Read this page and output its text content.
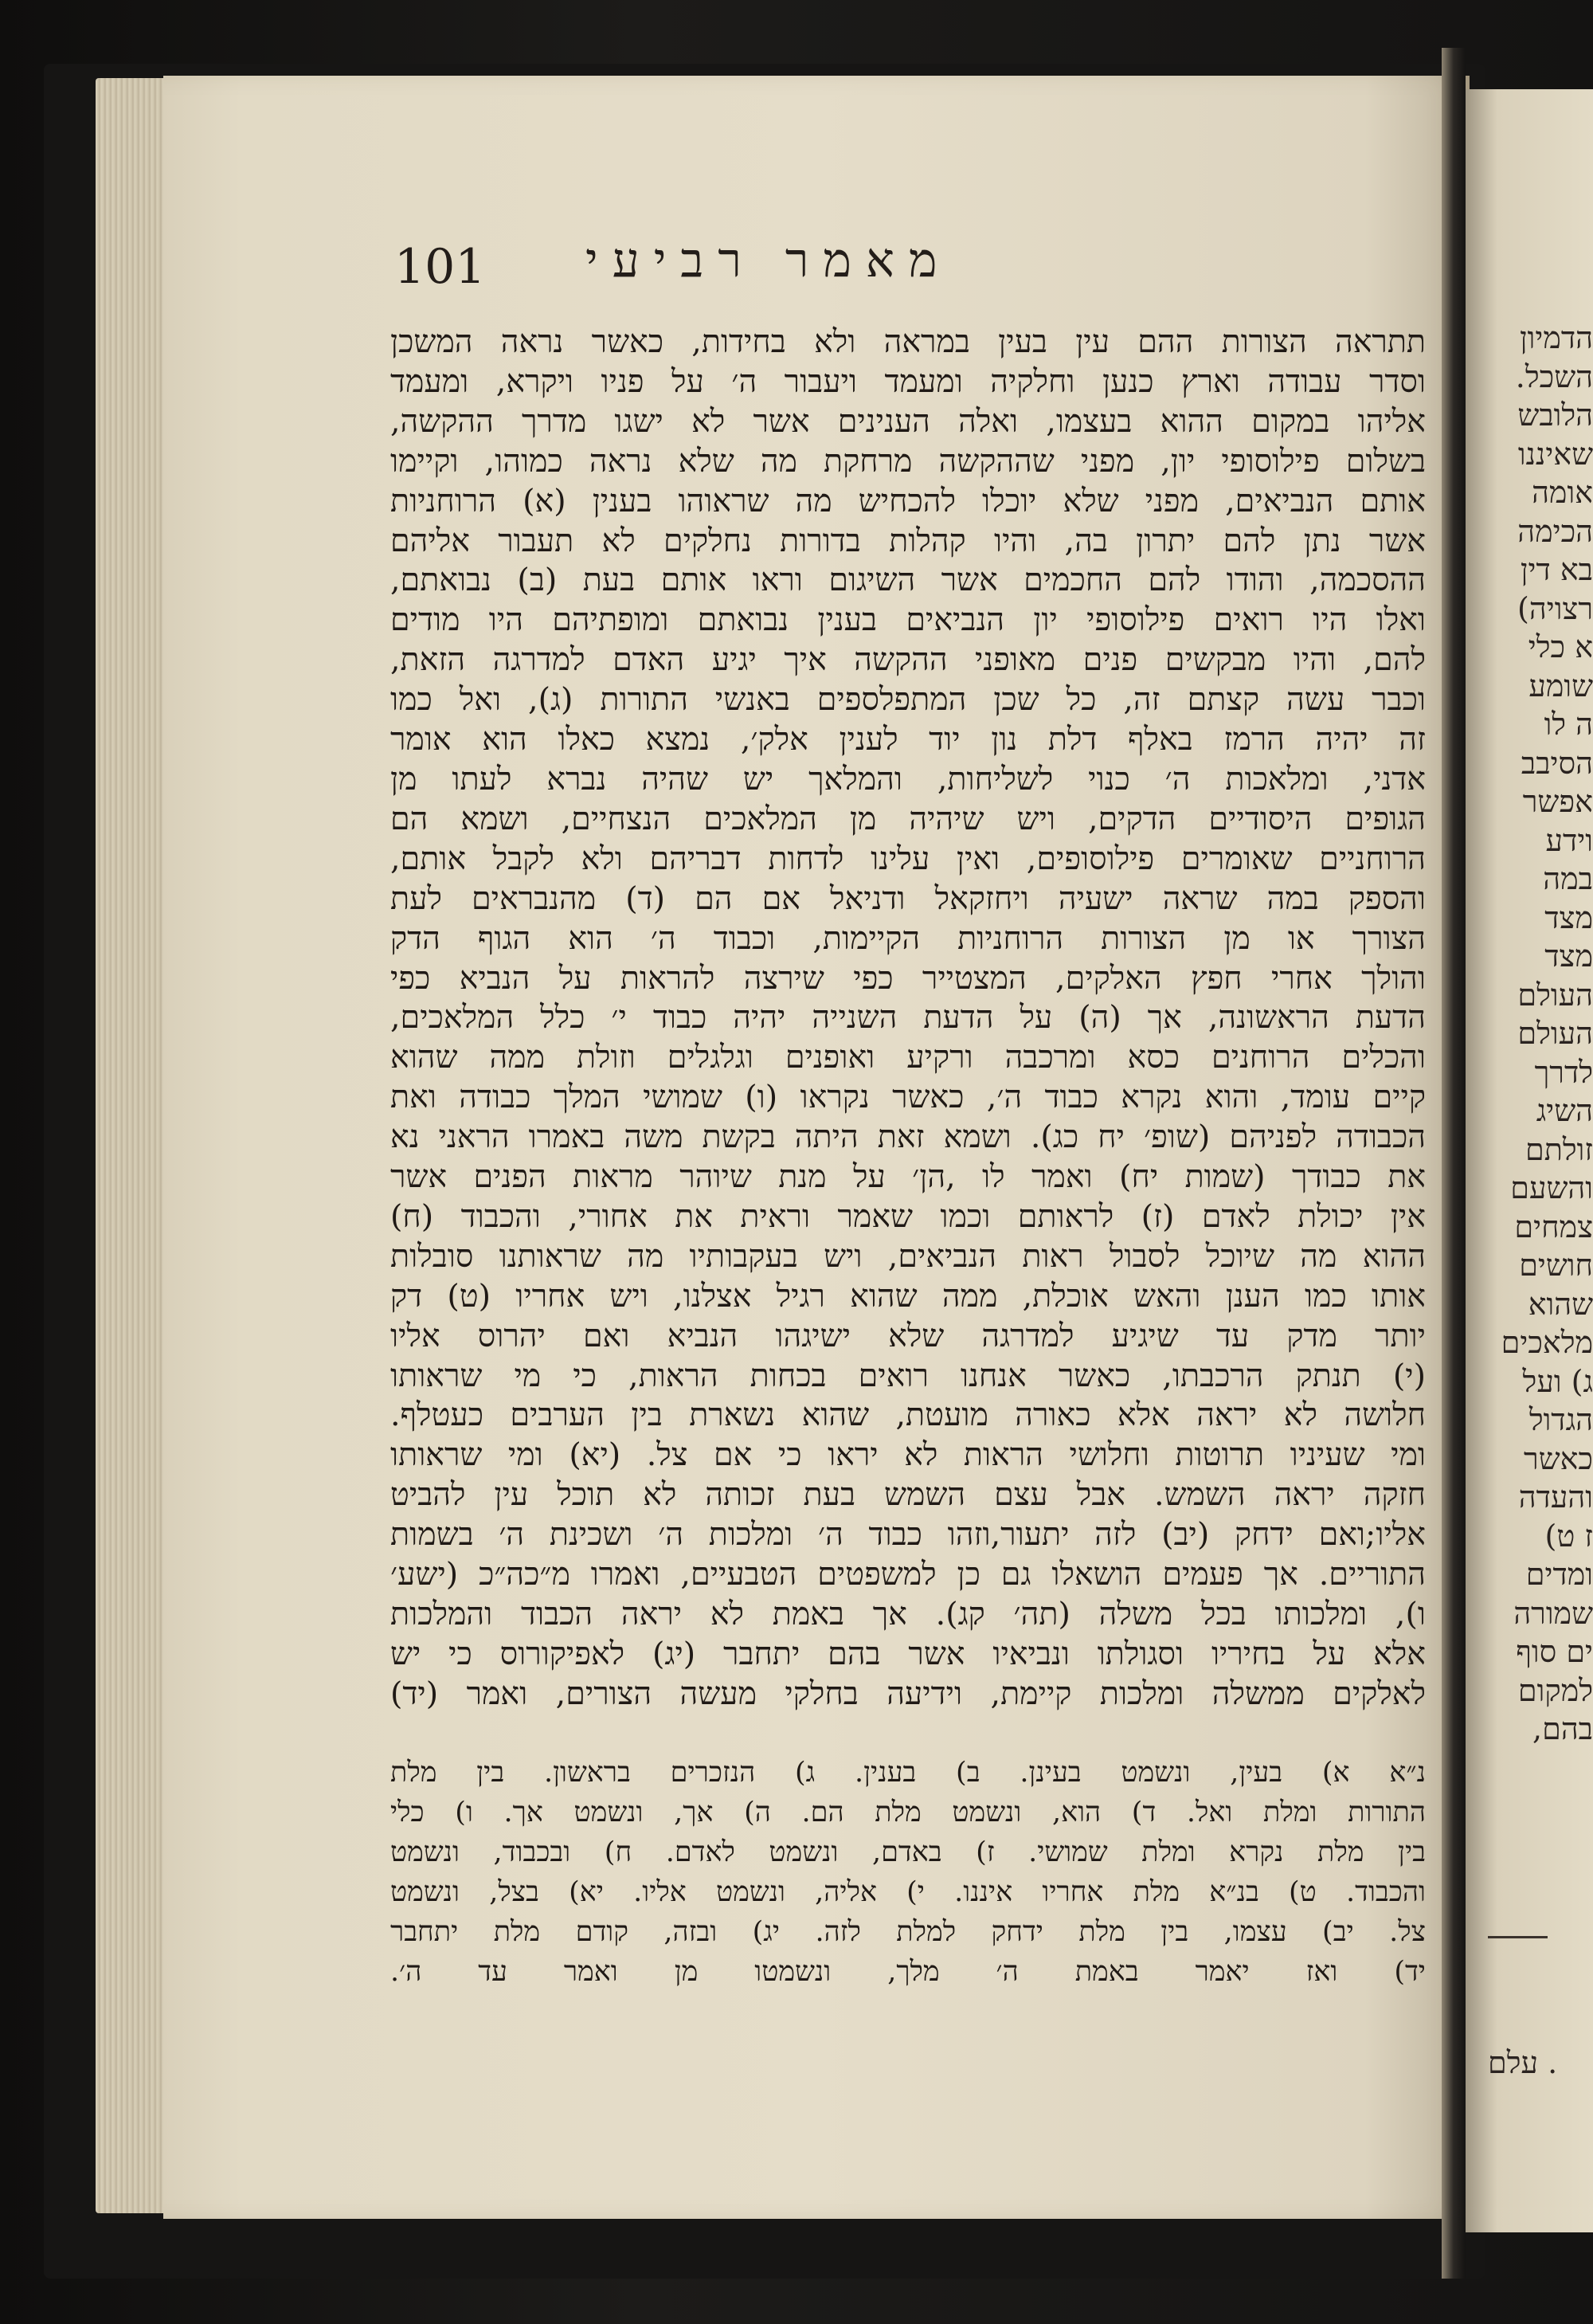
101 מאמר רביעי
תתראה הצורות ההם עין בעין במראה ולא בחידות, כאשר נראה המשכן
וסדר עבודה וארץ כנען וחלקיה ומעמד ויעבור ה׳ על פניו ויקרא, ומעמד
אליהו במקום ההוא בעצמו, ואלה הענינים אשר לא ישגו מדרך ההקשה,
בשלום פילוסופי יון, מפני שההקשה מרחקת מה שלא נראה כמוהו, וקיימו
אותם הנביאים, מפני שלא יוכלו להכחיש מה שראוהו בענין (א) הרוחניות
אשר נתן להם יתרון בה, והיו קהלות בדורות נחלקים לא תעבור אליהם
ההסכמה, והודו להם החכמים אשר השיגום וראו אותם בעת (ב) נבואתם,
ואלו היו רואים פילוסופי יון הנביאים בענין נבואתם ומופתיהם היו מודים
להם, והיו מבקשים פנים מאופני ההקשה איך יגיע האדם למדרגה הזאת,
וכבר עשה קצתם זה, כל שכן המתפלספים באנשי התורות (ג), ואל כמו
זה יהיה הרמז באלף דלת נון יוד לענין אלק׳, נמצא כאלו הוא אומר
אדני, ומלאכות ה׳ כנוי לשליחות, והמלאך יש שהיה נברא לעתו מן
הגופים היסודיים הדקים, ויש שיהיה מן המלאכים הנצחיים, ושמא הם
הרוחניים שאומרים פילוסופים, ואין עלינו לדחות דבריהם ולא לקבל אותם,
והספק במה שראה ישעיה ויחזקאל ודניאל אם הם (ד) מהנבראים לעת
הצורך או מן הצורות הרוחניות הקיימות, וכבוד ה׳ הוא הגוף הדק
והולך אחרי חפץ האלקים, המצטייר כפי שירצה להראות על הנביא כפי
הדעת הראשונה, אך (ה) על הדעת השנייה יהיה כבוד י׳ כלל המלאכים,
והכלים הרוחנים כסא ומרכבה ורקיע ואופנים וגלגלים וזולת ממה שהוא
קיים עומד, והוא נקרא כבוד ה׳, כאשר נקראו (ו) שמושי המלך כבודה ואת
הכבודה לפניהם (שופ׳ יח כג). ושמא זאת היתה בקשת משה באמרו הראני נא
את כבודך (שמות יח) ואמר לו ,הן׳ על מנת שיוהר מראות הפנים אשר
אין יכולת לאדם (ז) לראותם וכמו שאמר וראית את אחורי, והכבוד (ח)
ההוא מה שיוכל לסבול ראות הנביאים, ויש בעקבותיו מה שראותנו סובלות
אותו כמו הענן והאש אוכלת, ממה שהוא רגיל אצלנו, ויש אחריו (ט) דק
יותר מדק עד שיגיע למדרגה שלא ישיגהו הנביא ואם יהרוס אליו
(י) תנתק הרכבתו, כאשר אנחנו רואים בכחות הראות, כי מי שראותו
חלושה לא יראה אלא כאורה מועטת, שהוא נשארת בין הערבים כעטלף.
ומי שעיניו תרוטות וחלושי הראות לא יראו כי אם צל. (יא) ומי שראותו
חזקה יראה השמש. אבל עצם השמש בעת זכותה לא תוכל עין להביט
אליו;ואם ידחק (יב) לזה יתעור,וזהו כבוד ה׳ ומלכות ה׳ ושכינת ה׳ בשמות
התוריים. אך פעמים הושאלו גם כן למשפטים הטבעיים, ואמרו מ״כה״כ (ישע׳
ו), ומלכותו בכל משלה (תה׳ קג). אך באמת לא יראה הכבוד והמלכות
אלא על בחיריו וסגולתו ונביאיו אשר בהם יתחבר (יג) לאפיקורוס כי יש
לאלקים ממשלה ומלכות קיימת, וידיעה בחלקי מעשה הצורים, ואמר (יד)
נ״א א) בעין, ונשמט בעינן. ב) בענין. ג) הנזכרים בראשון. בין מלת
התורות ומלת ואל. ד) הוא, ונשמט מלת הם. ה) אך, ונשמט אך. ו) כלי
בין מלת נקרא ומלת שמושי. ז) באדם, ונשמט לאדם. ח) ובכבוד, ונשמט
והכבוד. ט) בנ״א מלת אחריו איננו. י) אליה, ונשמט אליו. יא) בצל, ונשמט
צל. יב) עצמו, בין מלת ידחק למלת לזה. יג) ובזה, קודם מלת יתחבר
יד) ואז יאמר באמת ה׳ מלך, ונשמטו מן ואמר עד ה׳.
עלם .
הדמיון
השכל.
הלובש
שאיננו
אומה
הכימה
בא דין
רצויה)
א כלי
שומע
ה לו
הסיבב
אפשר
וידע
במה
מצד
מצד
העולם
העולם
לדרך
השיג
זולתם
והשעם
צמחים
חושים
שהוא
מלאכים
ג) ועל
הגדול
כאשר
והעדה
ז ט)
ומדים
שמורה
ים סוף
למקום
בהם,
